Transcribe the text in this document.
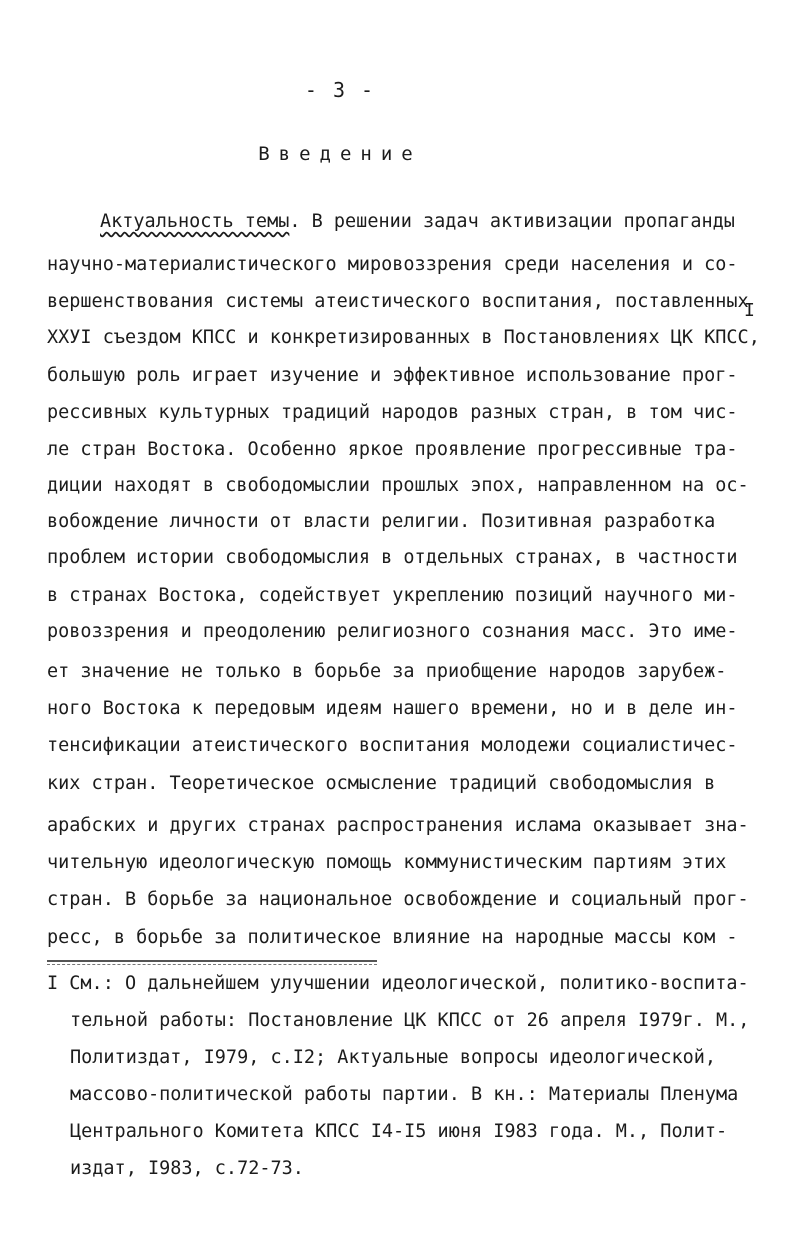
- 3 -
Введение
Актуальность темы. В решении задач активизации пропаганды
научно-материалистического мировоззрения среди населения и со-
вершенствования системы атеистического воспитания, поставленных
XXУI съездом КПСС и конкретизированных в Постановлениях ЦК КПСС,
большую роль играет изучение и эффективное использование прог-
рессивных культурных традиций народов разных стран, в том чис-
ле стран Востока. Особенно яркое проявление прогрессивные тра-
диции находят в свободомыслии прошлых эпох, направленном на ос-
вобождение личности от власти религии. Позитивная разработка
проблем истории свободомыслия в отдельных странах, в частности
в странах Востока, содействует укреплению позиций научного ми-
ровоззрения и преодолению религиозного сознания масс. Это име-
ет значение не только в борьбе за приобщение народов зарубеж-
ного Востока к передовым идеям нашего времени, но и в деле ин-
тенсификации атеистического воспитания молодежи социалистичес-
ких стран. Теоретическое осмысление традиций свободомыслия в
арабских и других странах распространения ислама оказывает зна-
чительную идеологическую помощь коммунистическим партиям этих
стран. В борьбе за национальное освобождение и социальный прог-
ресс, в борьбе за политическое влияние на народные массы ком -
I
I См.: О дальнейшем улучшении идеологической, политико-воспита-
тельной работы: Постановление ЦК КПСС от 26 апреля I979г. М.,
Политиздат, I979, с.I2; Актуальные вопросы идеологической,
массово-политической работы партии. В кн.: Материалы Пленума
Центрального Комитета КПСС I4-I5 июня I983 года. М., Полит-
издат, I983, с.72-73.
